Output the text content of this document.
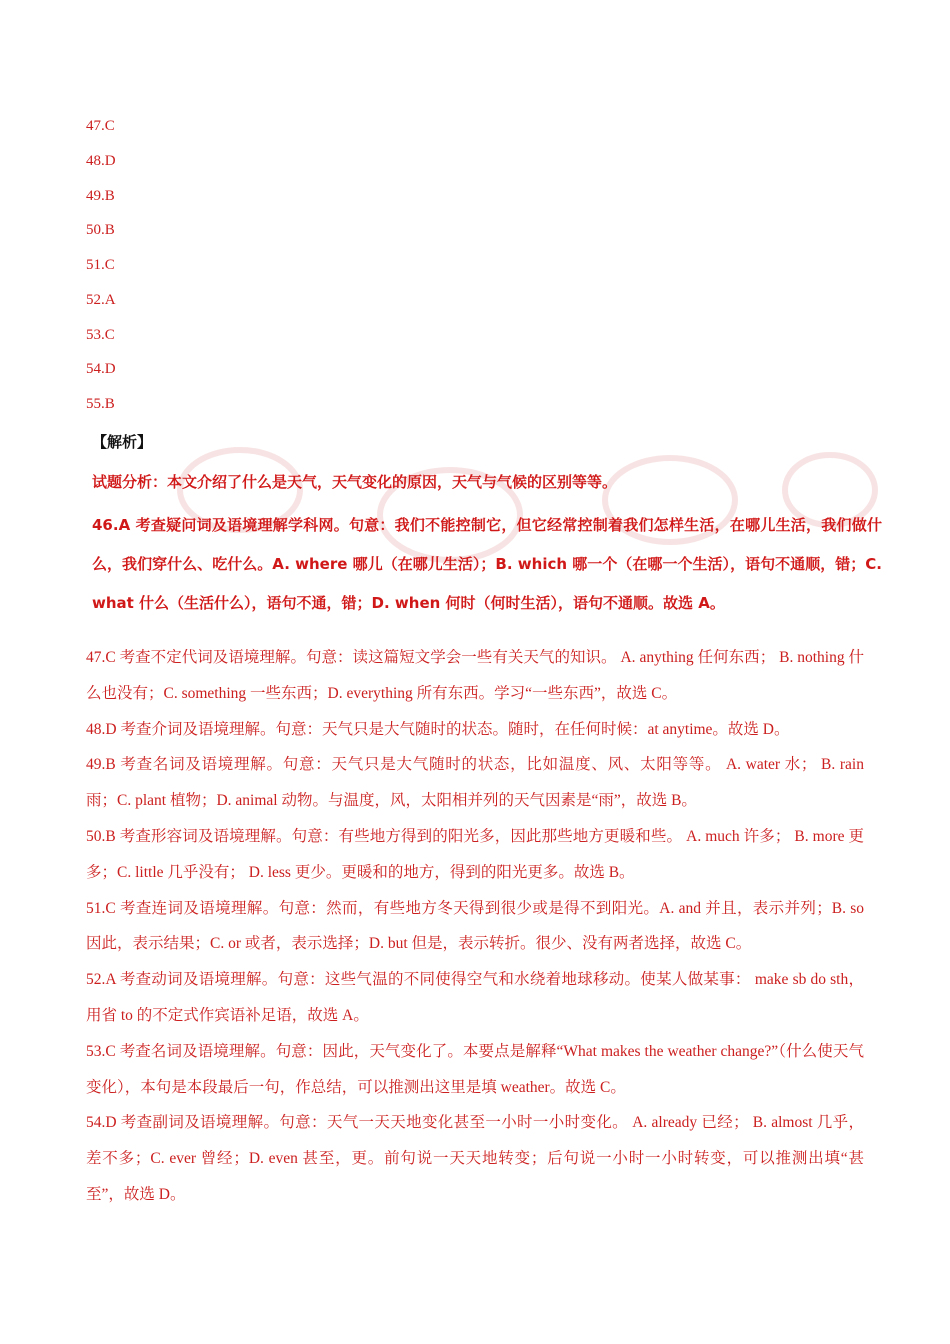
47.C
48.D
49.B
50.B
51.C
52.A
53.C
54.D
55.B
【解析】

试题分析：本文介绍了什么是天气，天气变化的原因，天气与气候的区别等等。

46.A 考查疑问词及语境理解学科网。句意：我们不能控制它，但它经常控制着我们怎样生活，在哪儿生活，我们做什么，我们穿什么、吃什么。A. where 哪儿（在哪儿生活）；B. which 哪一个（在哪一个生活），语句不通顺，错；C. what 什么（生活什么），语句不通，错；D. when 何时（何时生活），语句不通顺。故选 A。

47.C 考查不定代词及语境理解。句意：读这篇短文学会一些有关天气的知识。 A. anything 任何东西； B. nothing 什么也没有；C. something 一些东西；D. everything 所有东西。学习“一些东西”，故选 C。

48.D 考查介词及语境理解。句意：天气只是大气随时的状态。随时，在任何时候：at anytime。故选 D。

49.B 考查名词及语境理解。句意：天气只是大气随时的状态，比如温度、风、太阳等等。 A. water 水； B. rain 雨；C. plant 植物；D. animal 动物。与温度，风，太阳相并列的天气因素是“雨”，故选 B。

50.B 考查形容词及语境理解。句意：有些地方得到的阳光多，因此那些地方更暖和些。 A. much 许多； B. more 更多；C. little 几乎没有； D. less 更少。更暖和的地方，得到的阳光更多。故选 B。

51.C 考查连词及语境理解。句意：然而，有些地方冬天得到很少或是得不到阳光。A. and 并且，表示并列；B. so 因此，表示结果；C. or 或者，表示选择；D. but 但是，表示转折。很少、没有两者选择，故选 C。

52.A 考查动词及语境理解。句意：这些气温的不同使得空气和水绕着地球移动。使某人做某事： make sb do sth，用省 to 的不定式作宾语补足语，故选 A。

53.C 考查名词及语境理解。句意：因此，天气变化了。本要点是解释“What makes the weather change?”（什么使天气变化），本句是本段最后一句，作总结，可以推测出这里是填 weather。故选 C。

54.D 考查副词及语境理解。句意：天气一天天地变化甚至一小时一小时变化。 A. already 已经； B. almost 几乎，差不多；C. ever 曾经；D. even 甚至，更。前句说一天天地转变；后句说一小时一小时转变，可以推测出填“甚至”，故选 D。
